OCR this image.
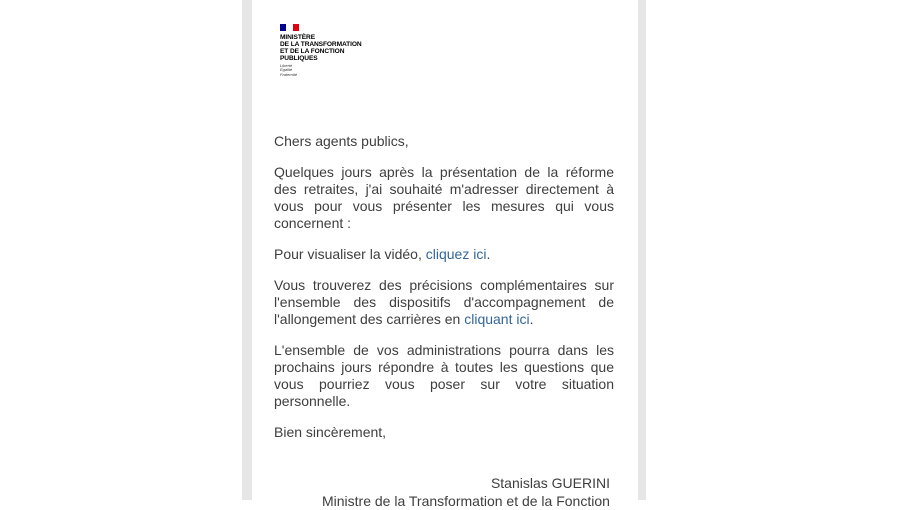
MINISTÈRE
DE LA TRANSFORMATION
ET DE LA FONCTION
PUBLIQUES
Liberté
Égalité
Fraternité

Chers agents publics,

Quelques jours après la présentation de la réforme des retraites, j'ai souhaité m'adresser directement à vous pour vous présenter les mesures qui vous concernent :

Pour visualiser la vidéo, cliquez ici.

Vous trouverez des précisions complémentaires sur l'ensemble des dispositifs d'accompagnement de l'allongement des carrières en cliquant ici.

L'ensemble de vos administrations pourra dans les prochains jours répondre à toutes les questions que vous pourriez vous poser sur votre situation personnelle.

Bien sincèrement,

Stanislas GUERINI
Ministre de la Transformation et de la Fonction
